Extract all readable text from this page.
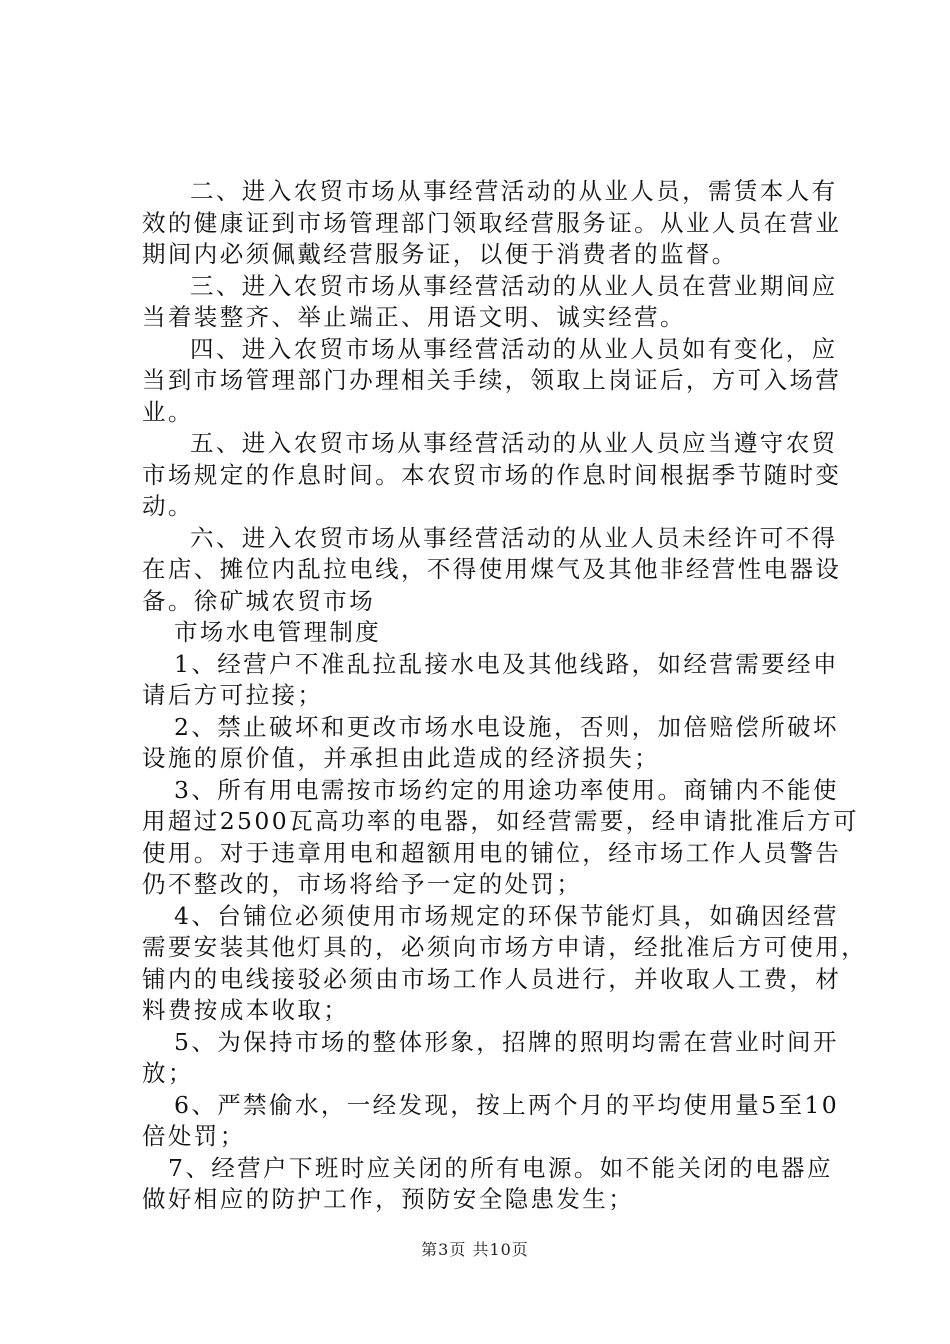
二、进入农贸市场从事经营活动的从业人员，需赁本人有

效的健康证到市场管理部门领取经营服务证。从业人员在营业

期间内必须佩戴经营服务证，以便于消费者的监督。

三、进入农贸市场从事经营活动的从业人员在营业期间应

当着装整齐、举止端正、用语文明、诚实经营。

四、进入农贸市场从事经营活动的从业人员如有变化，应

当到市场管理部门办理相关手续，领取上岗证后，方可入场营

业。

五、进入农贸市场从事经营活动的从业人员应当遵守农贸

市场规定的作息时间。本农贸市场的作息时间根据季节随时变

动。

六、进入农贸市场从事经营活动的从业人员未经许可不得

在店、摊位内乱拉电线，不得使用煤气及其他非经营性电器设

备。徐矿城农贸市场

市场水电管理制度

1、经营户不准乱拉乱接水电及其他线路，如经营需要经申

请后方可拉接；

2、禁止破坏和更改市场水电设施，否则，加倍赔偿所破坏

设施的原价值，并承担由此造成的经济损失；

3、所有用电需按市场约定的用途功率使用。商铺内不能使

用超过2500瓦高功率的电器，如经营需要，经申请批准后方可

使用。对于违章用电和超额用电的铺位，经市场工作人员警告

仍不整改的，市场将给予一定的处罚；

4、台铺位必须使用市场规定的环保节能灯具，如确因经营

需要安装其他灯具的，必须向市场方申请，经批准后方可使用，

铺内的电线接驳必须由市场工作人员进行，并收取人工费，材

料费按成本收取；

5、为保持市场的整体形象，招牌的照明均需在营业时间开

放；

6、严禁偷水，一经发现，按上两个月的平均使用量5至10

倍处罚；

7、经营户下班时应关闭的所有电源。如不能关闭的电器应

做好相应的防护工作，预防安全隐患发生；

第3页 共10页
